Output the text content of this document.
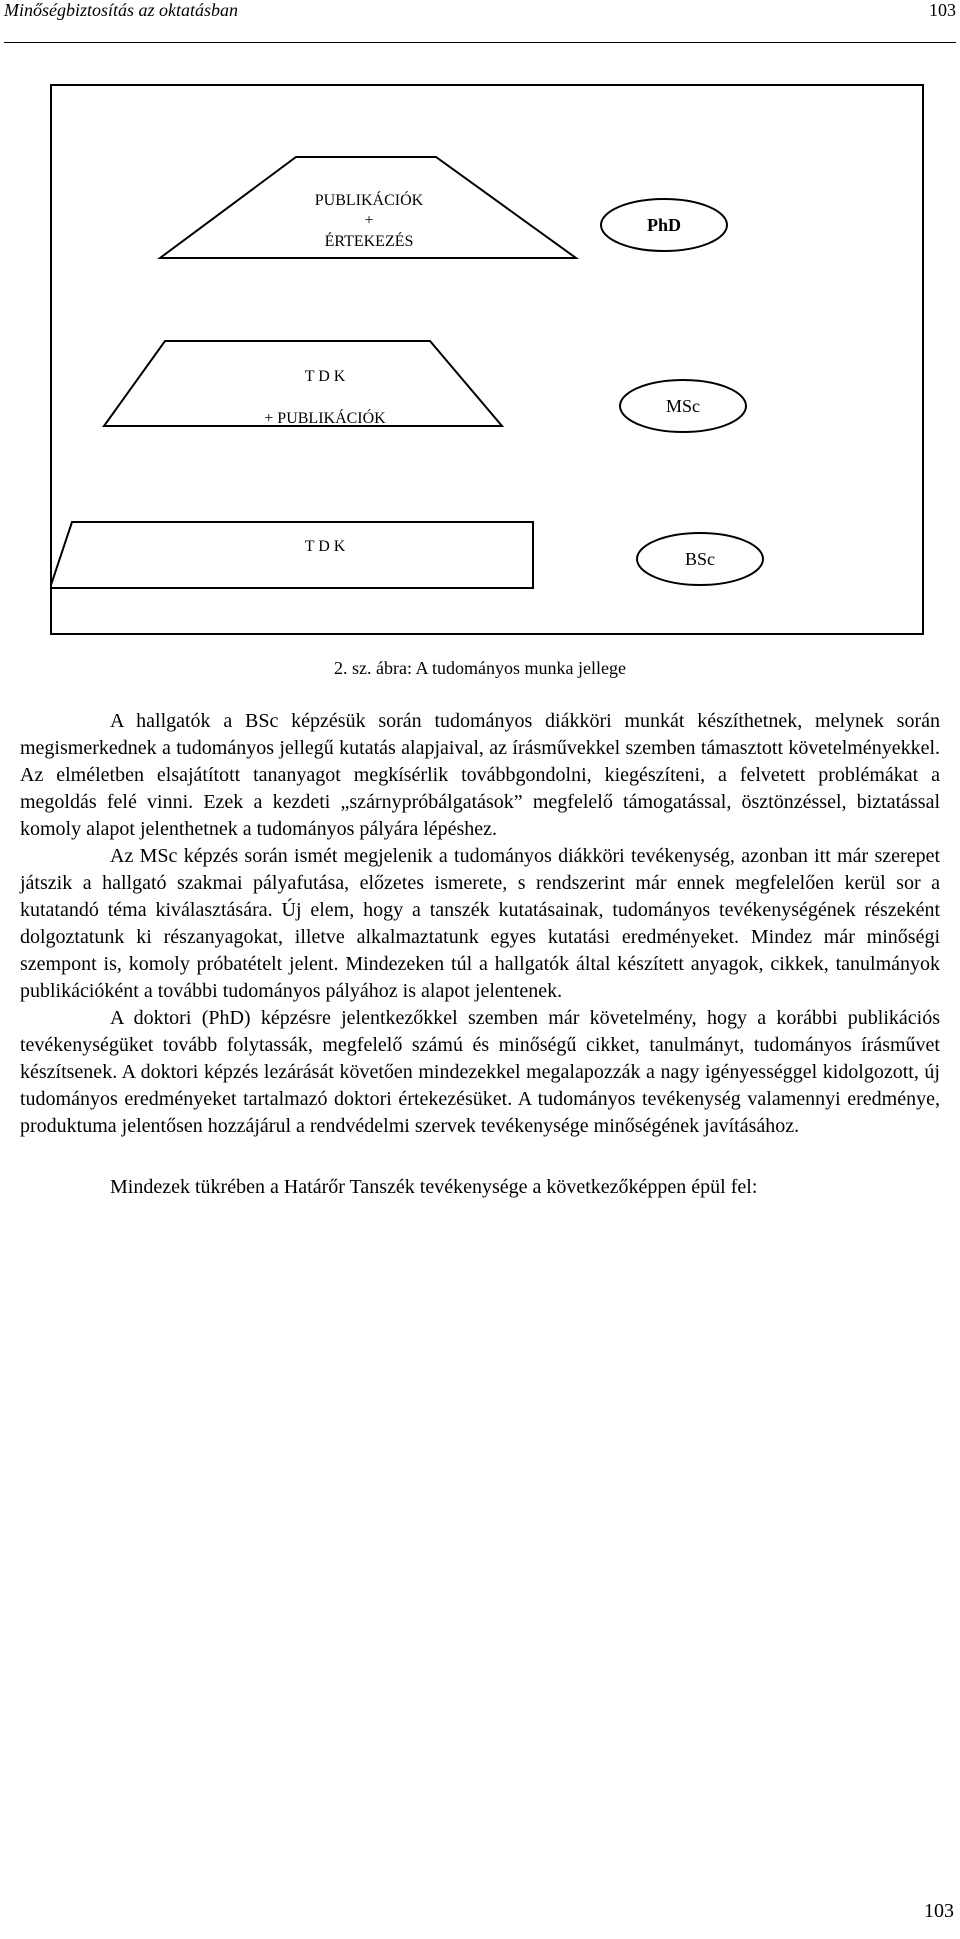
Minőségbiztosítás az oktatásban	103
PUBLIKÁCIÓK
+
ÉRTEKEZÉS
T D K
+ PUBLIKÁCIÓK
T D K
PhD
MSc
BSc
2. sz. ábra: A tudományos munka jellege

A hallgatók a BSc képzésük során tudományos diákköri munkát készíthetnek, melynek során megismerkednek a tudományos jellegű kutatás alapjaival, az írásművekkel szemben támasztott követelményekkel. Az elméletben elsajátított tananyagot megkísérlik továbbgondolni, kiegészíteni, a felvetett problémákat a megoldás felé vinni. Ezek a kezdeti „szárnypróbálgatások” megfelelő támogatással, ösztönzéssel, biztatással komoly alapot jelenthetnek a tudományos pályára lépéshez.

Az MSc képzés során ismét megjelenik a tudományos diákköri tevékenység, azonban itt már szerepet játszik a hallgató szakmai pályafutása, előzetes ismerete, s rendszerint már ennek megfelelően kerül sor a kutatandó téma kiválasztására. Új elem, hogy a tanszék kutatásainak, tudományos tevékenységének részeként dolgoztatunk ki részanyagokat, illetve alkalmaztatunk egyes kutatási eredményeket. Mindez már minőségi szempont is, komoly próbatételt jelent. Mindezeken túl a hallgatók által készített anyagok, cikkek, tanulmányok publikációként a további tudományos pályához is alapot jelentenek.

A doktori (PhD) képzésre jelentkezőkkel szemben már követelmény, hogy a korábbi publikációs tevékenységüket tovább folytassák, megfelelő számú és minőségű cikket, tanulmányt, tudományos írásművet készítsenek. A doktori képzés lezárását követően mindezekkel megalapozzák a nagy igényességgel kidolgozott, új tudományos eredményeket tartalmazó doktori értekezésüket. A tudományos tevékenység valamennyi eredménye, produktuma jelentősen hozzájárul a rendvédelmi szervek tevékenysége minőségének javításához.

Mindezek tükrében a Határőr Tanszék tevékenysége a következőképpen épül fel:

103
